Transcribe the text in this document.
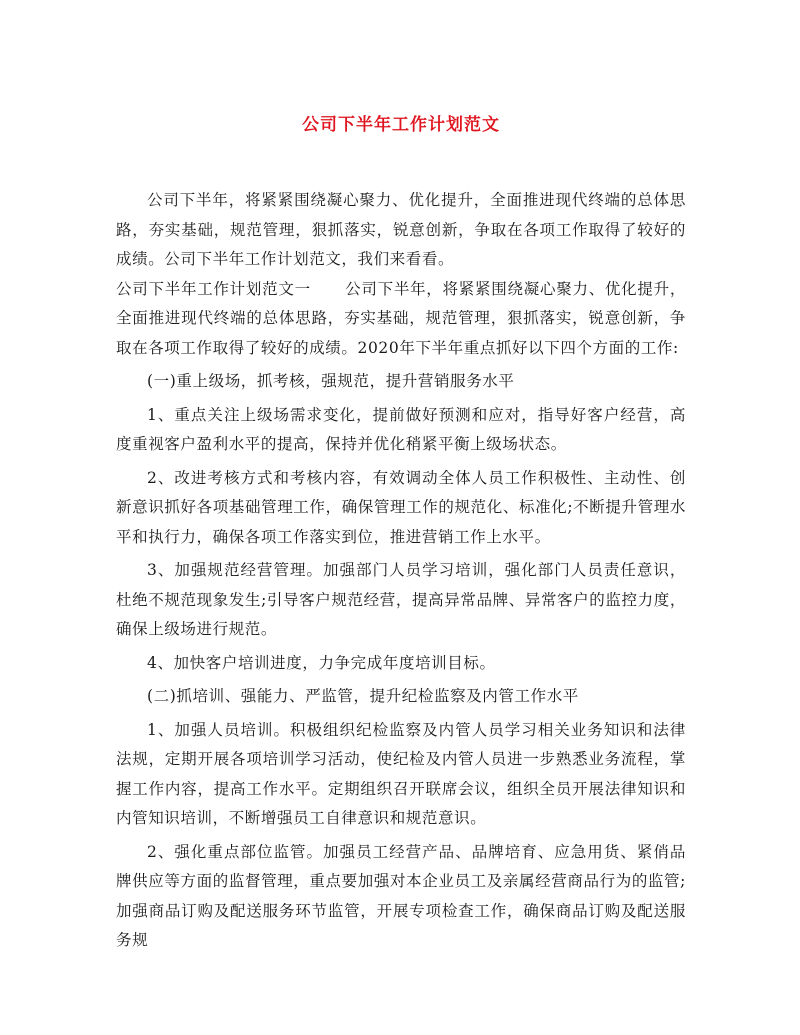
公司下半年工作计划范文

公司下半年，将紧紧围绕凝心聚力、优化提升，全面推进现代终端的总体思路，夯实基础，规范管理，狠抓落实，锐意创新，争取在各项工作取得了较好的成绩。公司下半年工作计划范文，我们来看看。

公司下半年工作计划范文一 公司下半年，将紧紧围绕凝心聚力、优化提升，全面推进现代终端的总体思路，夯实基础，规范管理，狠抓落实，锐意创新，争取在各项工作取得了较好的成绩。2020年下半年重点抓好以下四个方面的工作:

(一)重上级场，抓考核，强规范，提升营销服务水平

1、重点关注上级场需求变化，提前做好预测和应对，指导好客户经营，高度重视客户盈利水平的提高，保持并优化稍紧平衡上级场状态。

2、改进考核方式和考核内容，有效调动全体人员工作积极性、主动性、创新意识抓好各项基础管理工作，确保管理工作的规范化、标准化;不断提升管理水平和执行力，确保各项工作落实到位，推进营销工作上水平。

3、加强规范经营管理。加强部门人员学习培训，强化部门人员责任意识，杜绝不规范现象发生;引导客户规范经营，提高异常品牌、异常客户的监控力度，确保上级场进行规范。

4、加快客户培训进度，力争完成年度培训目标。

(二)抓培训、强能力、严监管，提升纪检监察及内管工作水平

1、加强人员培训。积极组织纪检监察及内管人员学习相关业务知识和法律法规，定期开展各项培训学习活动，使纪检及内管人员进一步熟悉业务流程，掌握工作内容，提高工作水平。定期组织召开联席会议，组织全员开展法律知识和内管知识培训，不断增强员工自律意识和规范意识。

2、强化重点部位监管。加强员工经营产品、品牌培育、应急用货、紧俏品牌供应等方面的监督管理，重点要加强对本企业员工及亲属经营商品行为的监管;加强商品订购及配送服务环节监管，开展专项检查工作，确保商品订购及配送服务规
